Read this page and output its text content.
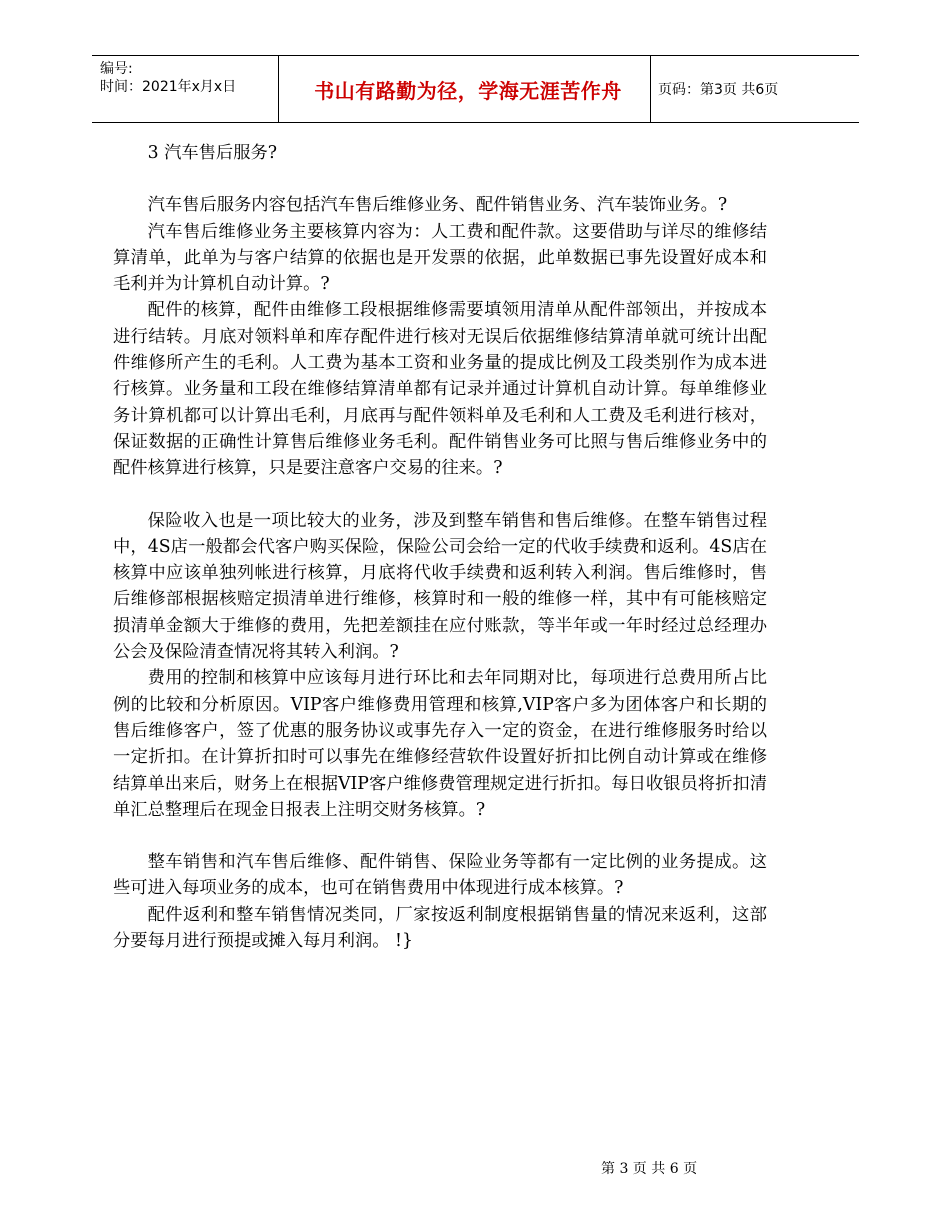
编号:
时间：2021年x月x日	书山有路勤为径，学海无涯苦作舟	页码：第3页 共6页

3 汽车售后服务?

汽车售后服务内容包括汽车售后维修业务、配件销售业务、汽车装饰业务。?

汽车售后维修业务主要核算内容为：人工费和配件款。这要借助与详尽的维修结算清单，此单为与客户结算的依据也是开发票的依据，此单数据已事先设置好成本和毛利并为计算机自动计算。?

配件的核算，配件由维修工段根据维修需要填领用清单从配件部领出，并按成本进行结转。月底对领料单和库存配件进行核对无误后依据维修结算清单就可统计出配件维修所产生的毛利。人工费为基本工资和业务量的提成比例及工段类别作为成本进行核算。业务量和工段在维修结算清单都有记录并通过计算机自动计算。每单维修业务计算机都可以计算出毛利，月底再与配件领料单及毛利和人工费及毛利进行核对，保证数据的正确性计算售后维修业务毛利。配件销售业务可比照与售后维修业务中的配件核算进行核算，只是要注意客户交易的往来。?

保险收入也是一项比较大的业务，涉及到整车销售和售后维修。在整车销售过程中，4S店一般都会代客户购买保险，保险公司会给一定的代收手续费和返利。4S店在核算中应该单独列帐进行核算，月底将代收手续费和返利转入利润。售后维修时，售后维修部根据核赔定损清单进行维修，核算时和一般的维修一样，其中有可能核赔定损清单金额大于维修的费用，先把差额挂在应付账款，等半年或一年时经过总经理办公会及保险清查情况将其转入利润。?

费用的控制和核算中应该每月进行环比和去年同期对比，每项进行总费用所占比例的比较和分析原因。VIP客户维修费用管理和核算,VIP客户多为团体客户和长期的售后维修客户，签了优惠的服务协议或事先存入一定的资金，在进行维修服务时给以一定折扣。在计算折扣时可以事先在维修经营软件设置好折扣比例自动计算或在维修结算单出来后，财务上在根据VIP客户维修费管理规定进行折扣。每日收银员将折扣清单汇总整理后在现金日报表上注明交财务核算。?

整车销售和汽车售后维修、配件销售、保险业务等都有一定比例的业务提成。这些可进入每项业务的成本，也可在销售费用中体现进行成本核算。?

配件返利和整车销售情况类同，厂家按返利制度根据销售量的情况来返利，这部分要每月进行预提或摊入每月利润。 !}

第 3 页 共 6 页
